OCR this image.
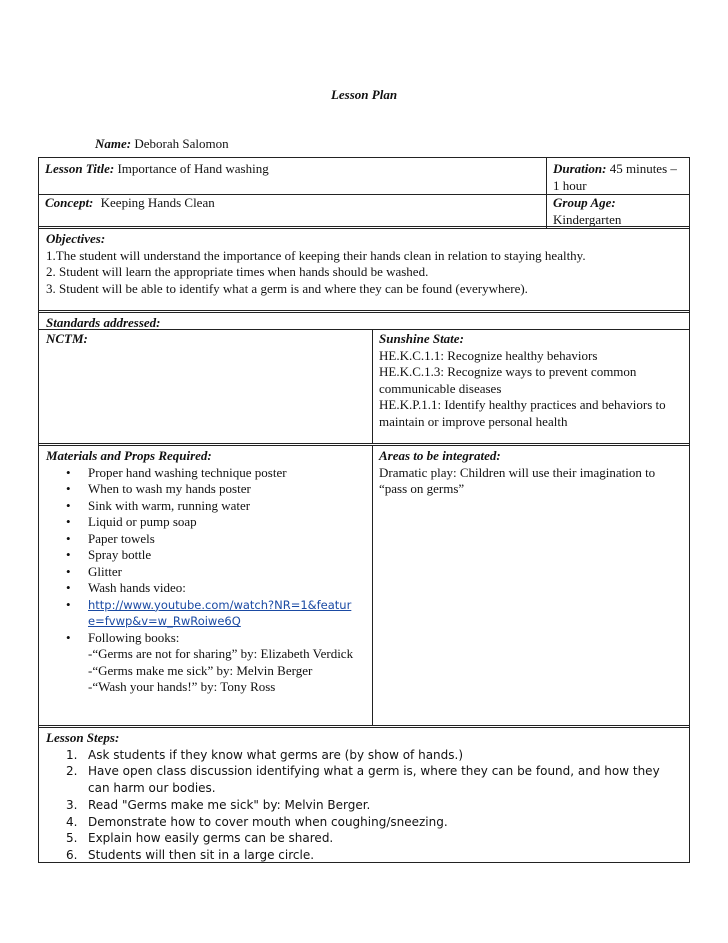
Lesson Plan
Name: Deborah Salomon
Lesson Title: Importance of Hand washing	Duration: 45 minutes – 1 hour
Concept: Keeping Hands Clean	Group Age:
Kindergarten
Objectives:
1.The student will understand the importance of keeping their hands clean in relation to staying healthy.
2. Student will learn the appropriate times when hands should be washed.
3. Student will be able to identify what a germ is and where they can be found (everywhere).
Standards addressed:
NCTM:	Sunshine State:
HE.K.C.1.1: Recognize healthy behaviors
HE.K.C.1.3: Recognize ways to prevent common communicable diseases
HE.K.P.1.1: Identify healthy practices and behaviors to maintain or improve personal health
Materials and Props Required:
• Proper hand washing technique poster
• When to wash my hands poster
• Sink with warm, running water
• Liquid or pump soap
• Paper towels
• Spray bottle
• Glitter
• Wash hands video:
• http://www.youtube.com/watch?NR=1&feature=fvwp&v=w_RwRoiwe6Q
• Following books:
-“Germs are not for sharing” by: Elizabeth Verdick
-“Germs make me sick” by: Melvin Berger
-“Wash your hands!” by: Tony Ross
Areas to be integrated:
Dramatic play: Children will use their imagination to “pass on germs”
Lesson Steps:
1. Ask students if they know what germs are (by show of hands.)
2. Have open class discussion identifying what a germ is, where they can be found, and how they can harm our bodies.
3. Read "Germs make me sick" by: Melvin Berger.
4. Demonstrate how to cover mouth when coughing/sneezing.
5. Explain how easily germs can be shared.
6. Students will then sit in a large circle.
